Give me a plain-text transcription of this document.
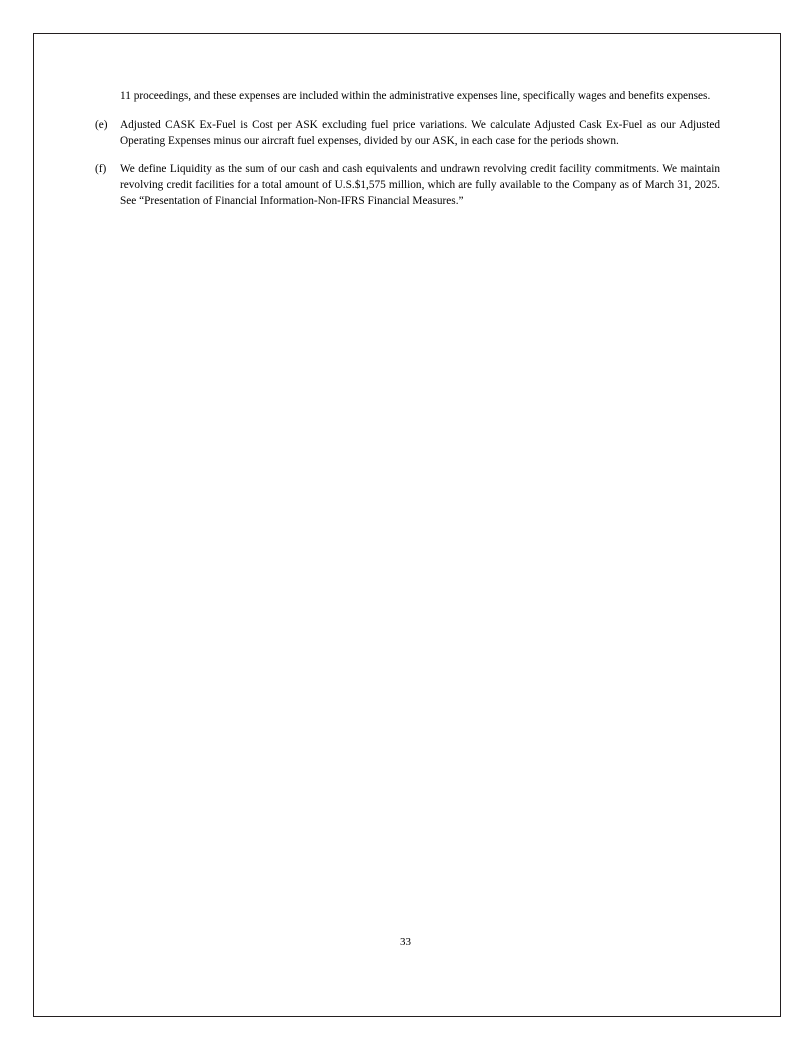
11 proceedings, and these expenses are included within the administrative expenses line, specifically wages and benefits expenses.
(e)	Adjusted CASK Ex-Fuel is Cost per ASK excluding fuel price variations. We calculate Adjusted Cask Ex-Fuel as our Adjusted Operating Expenses minus our aircraft fuel expenses, divided by our ASK, in each case for the periods shown.
(f)	We define Liquidity as the sum of our cash and cash equivalents and undrawn revolving credit facility commitments. We maintain revolving credit facilities for a total amount of U.S.$1,575 million, which are fully available to the Company as of March 31, 2025. See “Presentation of Financial Information-Non-IFRS Financial Measures.”
33
